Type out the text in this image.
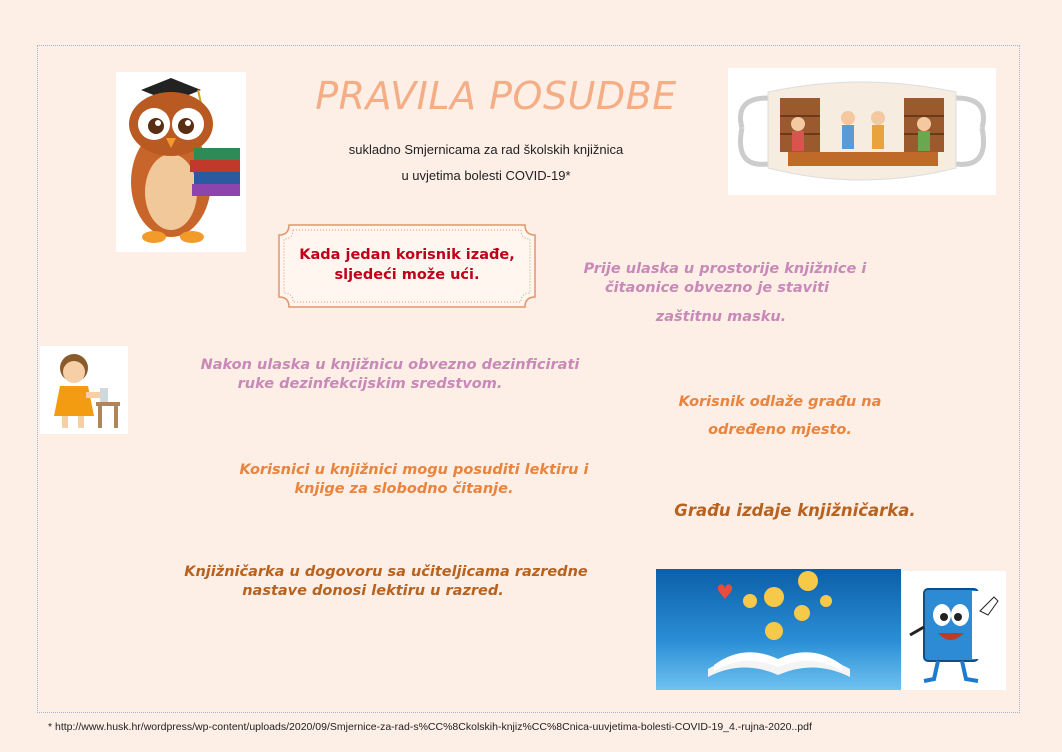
PRAVILA POSUDBE
sukladno Smjernicama za rad školskih knjižnica
u uvjetima bolesti COVID-19*
Kada jedan korisnik izađe,
sljedeći može ući.	Prije ulaska u prostorije knjižnice i
čitaonice obvezno je staviti
zaštitnu masku.
Nakon ulaska u knjižnicu obvezno dezinficirati
ruke dezinfekcijskim sredstvom.
Korisnik odlaže građu na
određeno mjesto.
Korisnici u knjižnici mogu posuditi lektiru i
knjige za slobodno čitanje.
Građu izdaje knjižničarka.
Knjižničarka u dogovoru sa učiteljicama razredne
nastave donosi lektiru u razred.	♥
* http://www.husk.hr/wordpress/wp-content/uploads/2020/09/Smjernice-za-rad-s%CC%8Ckolskih-knjiz%CC%8Cnica-uuvjetima-bolesti-COVID-19_4.-rujna-2020..pdf
